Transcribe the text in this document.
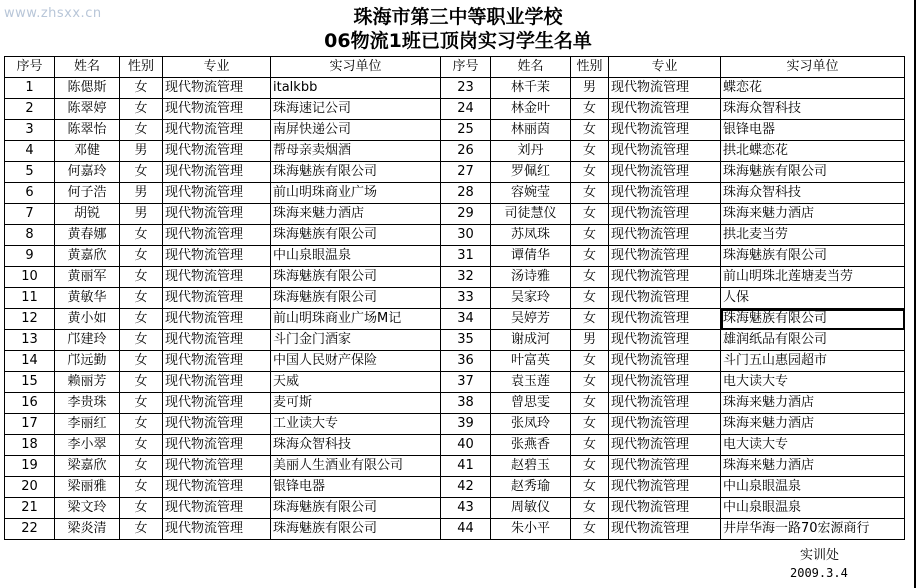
www.zhsxx.cn	珠海市第三中等职业学校
06物流1班已顶岗实习学生名单
序号	姓名	性别	专业	实习单位	序号	姓名	性别	专业	实习单位
1	陈偲斯	女	现代物流管理	italkbb	23	林千茉	男	现代物流管理	蝶恋花
2	陈翠婷	女	现代物流管理	珠海速记公司	24	林金叶	女	现代物流管理	珠海众智科技
3	陈翠怡	女	现代物流管理	南屏快递公司	25	林丽茵	女	现代物流管理	银锋电器
4	邓健	男	现代物流管理	帮母亲卖烟酒	26	刘丹	女	现代物流管理	拱北蝶恋花
5	何嘉玲	女	现代物流管理	珠海魅族有限公司	27	罗佩红	女	现代物流管理	珠海魅族有限公司
6	何子浩	男	现代物流管理	前山明珠商业广场	28	容婉莹	女	现代物流管理	珠海众智科技
7	胡锐	男	现代物流管理	珠海来魅力酒店	29	司徒慧仪	女	现代物流管理	珠海来魅力酒店
8	黄春娜	女	现代物流管理	珠海魅族有限公司	30	苏凤珠	女	现代物流管理	拱北麦当劳
9	黄嘉欣	女	现代物流管理	中山泉眼温泉	31	谭倩华	女	现代物流管理	珠海魅族有限公司
10	黄丽军	女	现代物流管理	珠海魅族有限公司	32	汤诗雅	女	现代物流管理	前山明珠北莲塘麦当劳
11	黄敏华	女	现代物流管理	珠海魅族有限公司	33	吴家玲	女	现代物流管理	人保
12	黄小如	女	现代物流管理	前山明珠商业广场M记	34	吴婷芳	女	现代物流管理	珠海魅族有限公司
13	邝建玲	女	现代物流管理	斗门金门酒家	35	谢成河	男	现代物流管理	雄润纸品有限公司
14	邝远勤	女	现代物流管理	中国人民财产保险	36	叶富英	女	现代物流管理	斗门五山惠园超市
15	赖丽芳	女	现代物流管理	天威	37	袁玉莲	女	现代物流管理	电大读大专
16	李贵珠	女	现代物流管理	麦可斯	38	曾思雯	女	现代物流管理	珠海来魅力酒店
17	李丽红	女	现代物流管理	工业读大专	39	张凤玲	女	现代物流管理	珠海来魅力酒店
18	李小翠	女	现代物流管理	珠海众智科技	40	张燕香	女	现代物流管理	电大读大专
19	梁嘉欣	女	现代物流管理	美丽人生酒业有限公司	41	赵碧玉	女	现代物流管理	珠海来魅力酒店
20	梁丽雅	女	现代物流管理	银锋电器	42	赵秀瑜	女	现代物流管理	中山泉眼温泉
21	梁文玲	女	现代物流管理	珠海魅族有限公司	43	周敏仪	女	现代物流管理	中山泉眼温泉
22	梁炎清	女	现代物流管理	珠海魅族有限公司	44	朱小平	女	现代物流管理	井岸华海一路70宏源商行
实训处
2009.3.4
